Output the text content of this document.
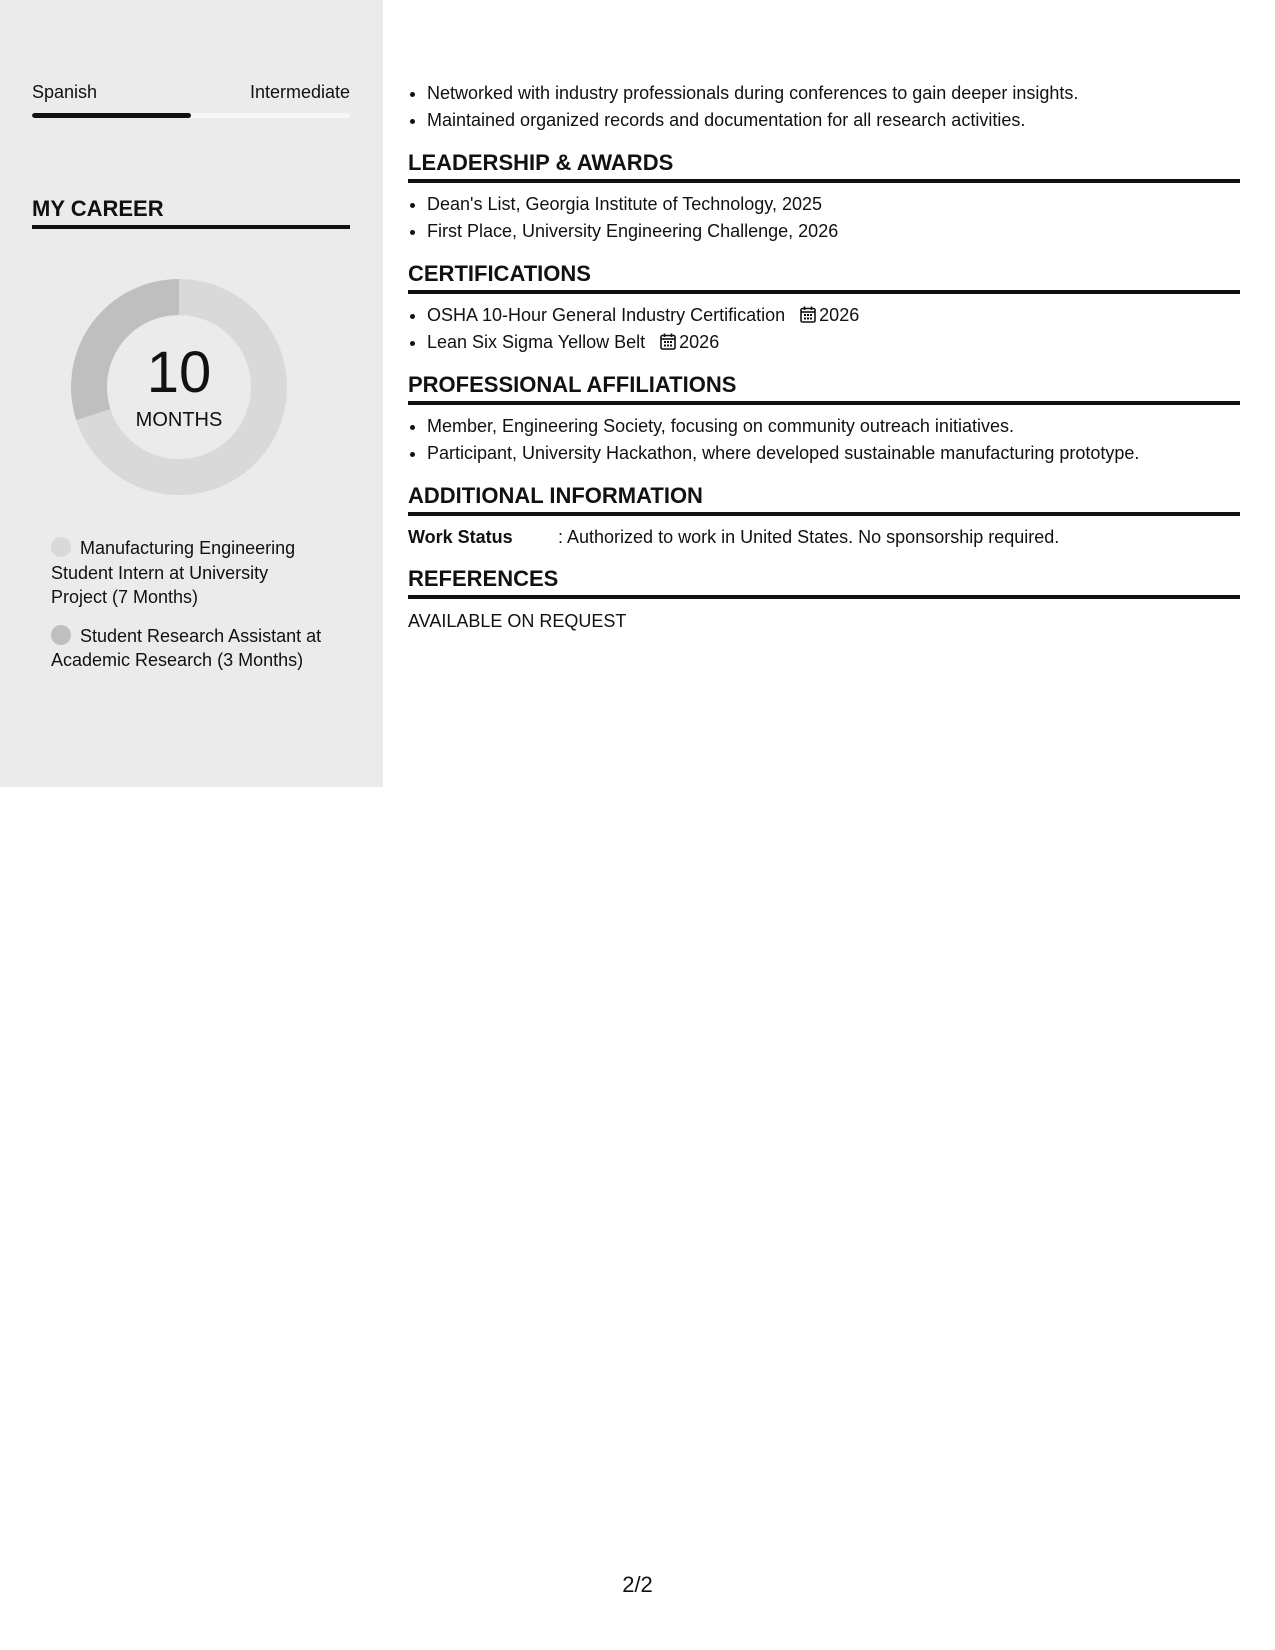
Spanish	Intermediate
MY CAREER
10
MONTHS
Manufacturing Engineering Student Intern at University Project (7 Months)
Student Research Assistant at Academic Research (3 Months)
• Networked with industry professionals during conferences to gain deeper insights.
• Maintained organized records and documentation for all research activities.
LEADERSHIP & AWARDS
• Dean's List, Georgia Institute of Technology, 2025
• First Place, University Engineering Challenge, 2026
CERTIFICATIONS
• OSHA 10-Hour General Industry Certification 2026
• Lean Six Sigma Yellow Belt 2026
PROFESSIONAL AFFILIATIONS
• Member, Engineering Society, focusing on community outreach initiatives.
• Participant, University Hackathon, where developed sustainable manufacturing prototype.
ADDITIONAL INFORMATION
Work Status	: Authorized to work in United States. No sponsorship required.
REFERENCES
AVAILABLE ON REQUEST
2/2
